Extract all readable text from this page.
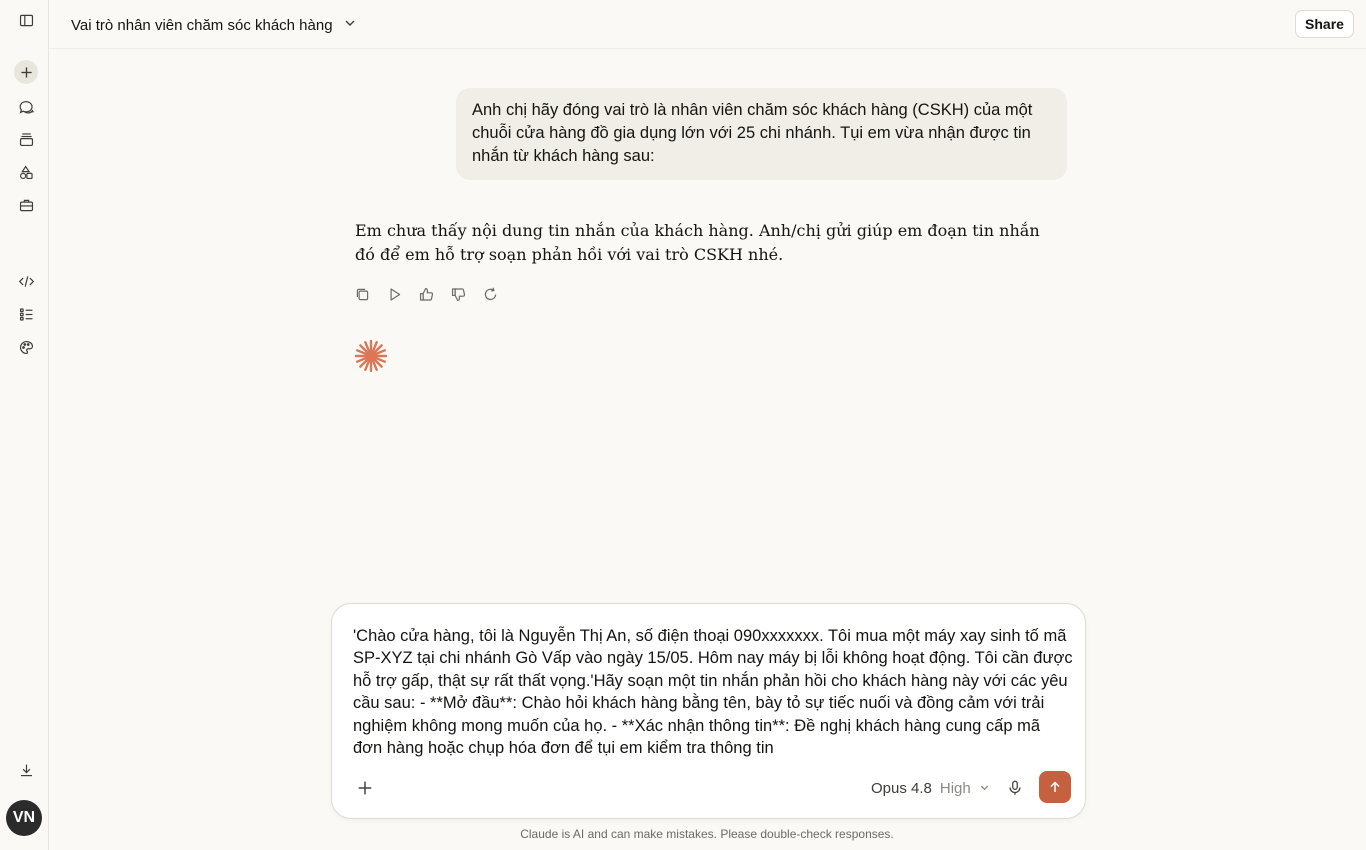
VN
Vai trò nhân viên chăm sóc khách hàng	Share
Anh chị hãy đóng vai trò là nhân viên chăm sóc khách hàng (CSKH) của một chuỗi cửa hàng đồ gia dụng lớn với 25 chi nhánh. Tụi em vừa nhận được tin nhắn từ khách hàng sau:
Em chưa thấy nội dung tin nhắn của khách hàng. Anh/chị gửi giúp em đoạn tin nhắn đó để em hỗ trợ soạn phản hồi với vai trò CSKH nhé.
'Chào cửa hàng, tôi là Nguyễn Thị An, số điện thoại 090xxxxxxx. Tôi mua một máy xay sinh tố mã SP-XYZ tại chi nhánh Gò Vấp vào ngày 15/05. Hôm nay máy bị lỗi không hoạt động. Tôi cần được hỗ trợ gấp, thật sự rất thất vọng.'Hãy soạn một tin nhắn phản hồi cho khách hàng này với các yêu cầu sau: - **Mở đầu**: Chào hỏi khách hàng bằng tên, bày tỏ sự tiếc nuối và đồng cảm với trải nghiệm không mong muốn của họ. - **Xác nhận thông tin**: Đề nghị khách hàng cung cấp mã đơn hàng hoặc chụp hóa đơn để tụi em kiểm tra thông tin
Opus 4.8 High
Claude is AI and can make mistakes. Please double-check responses.
